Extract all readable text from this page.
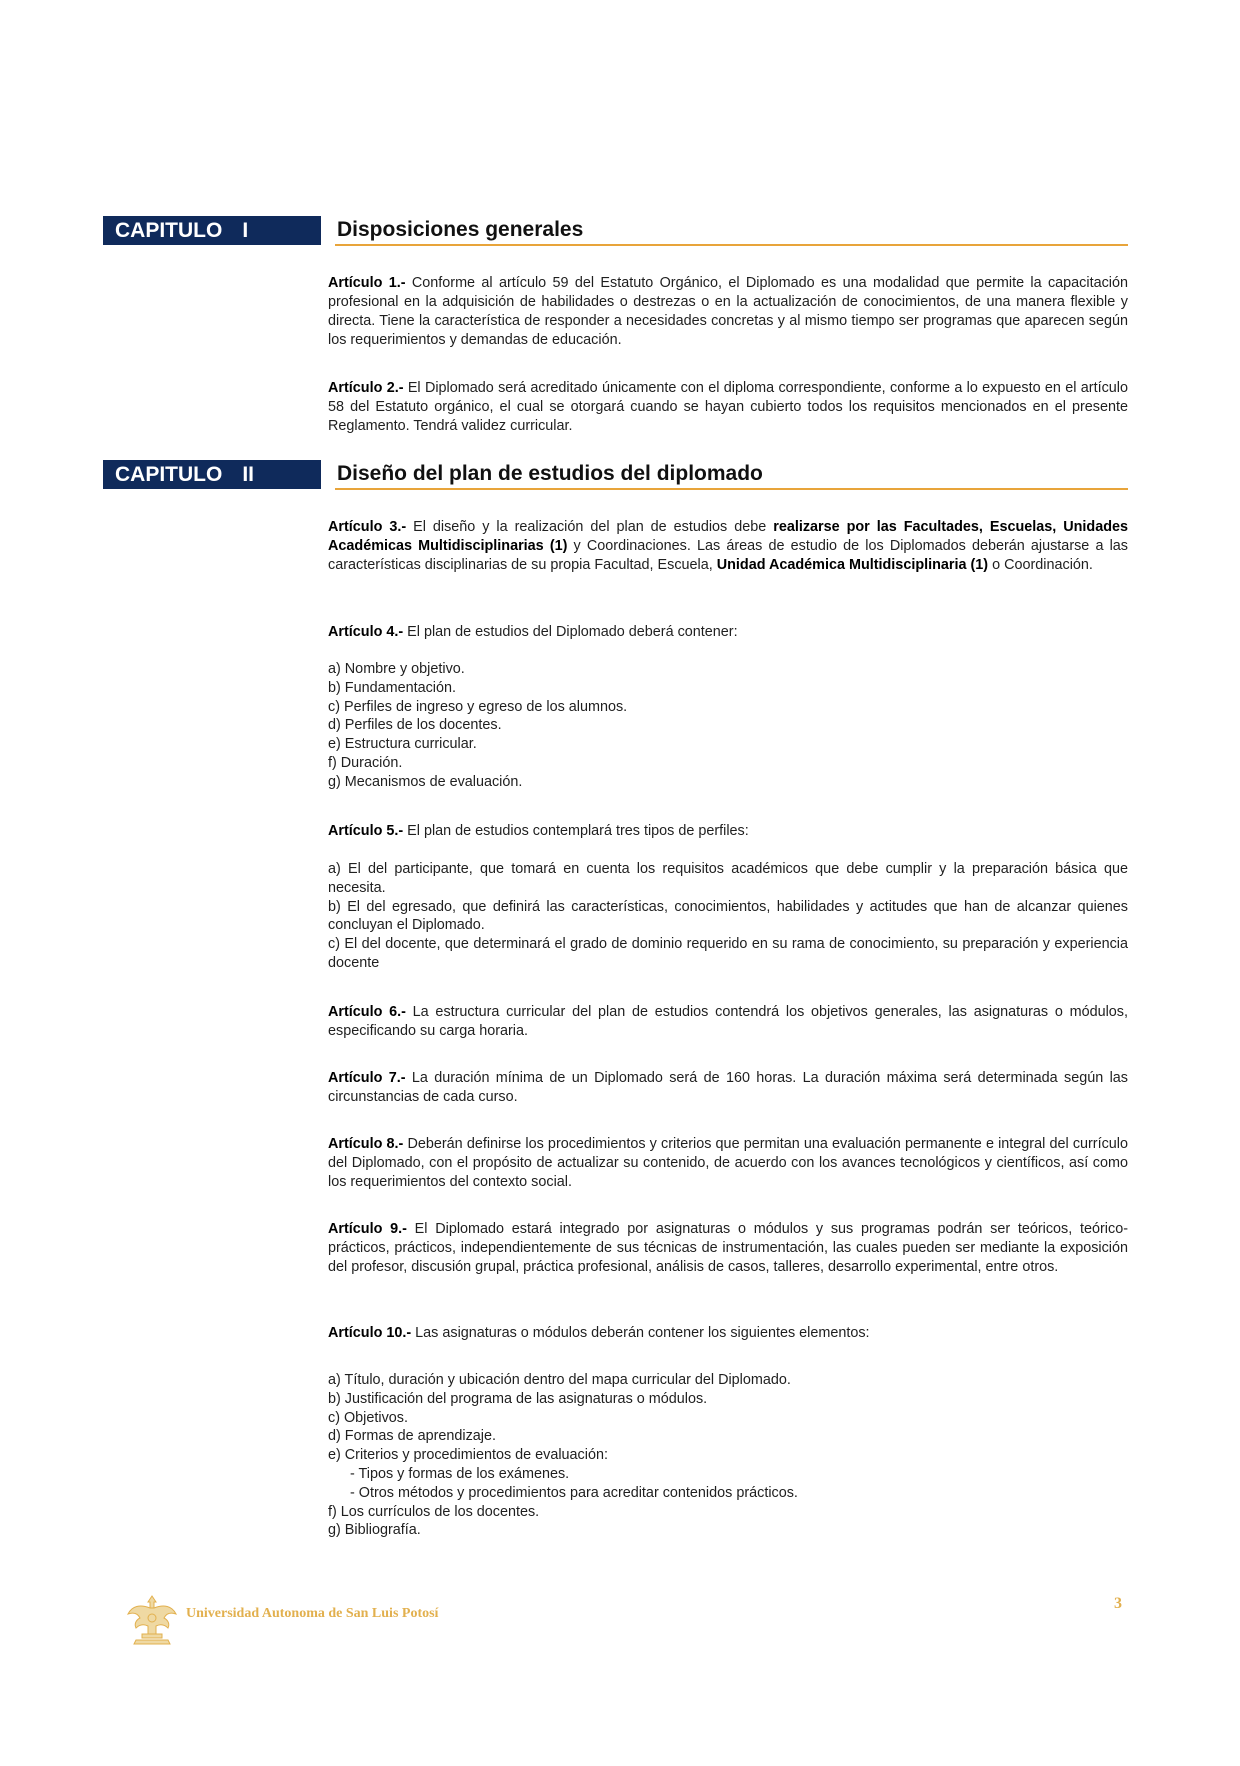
CAPITULO I	Disposiciones generales
Artículo 1.- Conforme al artículo 59 del Estatuto Orgánico, el Diplomado es una modalidad que permite la capacitación profesional en la adquisición de habilidades o destrezas o en la actualización de conocimientos, de una manera flexible y directa. Tiene la característica de responder a necesidades concretas y al mismo tiempo ser programas que aparecen según los requerimientos y demandas de educación.
Artículo 2.- El Diplomado será acreditado únicamente con el diploma correspondiente, conforme a lo expuesto en el artículo 58 del Estatuto orgánico, el cual se otorgará cuando se hayan cubierto todos los requisitos mencionados en el presente Reglamento. Tendrá validez curricular.
CAPITULO II	Diseño del plan de estudios del diplomado
Artículo 3.- El diseño y la realización del plan de estudios debe realizarse por las Facultades, Escuelas, Unidades Académicas Multidisciplinarias (1) y Coordinaciones. Las áreas de estudio de los Diplomados deberán ajustarse a las características disciplinarias de su propia Facultad, Escuela, Unidad Académica Multidisciplinaria (1) o Coordinación.
Artículo 4.- El plan de estudios del Diplomado deberá contener:
a) Nombre y objetivo.
b) Fundamentación.
c) Perfiles de ingreso y egreso de los alumnos.
d) Perfiles de los docentes.
e) Estructura curricular.
f) Duración.
g) Mecanismos de evaluación.
Artículo 5.- El plan de estudios contemplará tres tipos de perfiles:
a) El del participante, que tomará en cuenta los requisitos académicos que debe cumplir y la preparación básica que necesita.
b) El del egresado, que definirá las características, conocimientos, habilidades y actitudes que han de alcanzar quienes concluyan el Diplomado.
c) El del docente, que determinará el grado de dominio requerido en su rama de conocimiento, su preparación y experiencia docente
Artículo 6.- La estructura curricular del plan de estudios contendrá los objetivos generales, las asignaturas o módulos, especificando su carga horaria.
Artículo 7.- La duración mínima de un Diplomado será de 160 horas. La duración máxima será determinada según las circunstancias de cada curso.
Artículo 8.- Deberán definirse los procedimientos y criterios que permitan una evaluación permanente e integral del currículo del Diplomado, con el propósito de actualizar su contenido, de acuerdo con los avances tecnológicos y científicos, así como los requerimientos del contexto social.
Artículo 9.- El Diplomado estará integrado por asignaturas o módulos y sus programas podrán ser teóricos, teórico-prácticos, prácticos, independientemente de sus técnicas de instrumentación, las cuales pueden ser mediante la exposición del profesor, discusión grupal, práctica profesional, análisis de casos, talleres, desarrollo experimental, entre otros.
Artículo 10.- Las asignaturas o módulos deberán contener los siguientes elementos:
a) Título, duración y ubicación dentro del mapa curricular del Diplomado.
b) Justificación del programa de las asignaturas o módulos.
c) Objetivos.
d) Formas de aprendizaje.
e) Criterios y procedimientos de evaluación:
- Tipos y formas de los exámenes.
- Otros métodos y procedimientos para acreditar contenidos prácticos.
f) Los currículos de los docentes.
g) Bibliografía.
Universidad Autonoma de San Luis Potosí
3
